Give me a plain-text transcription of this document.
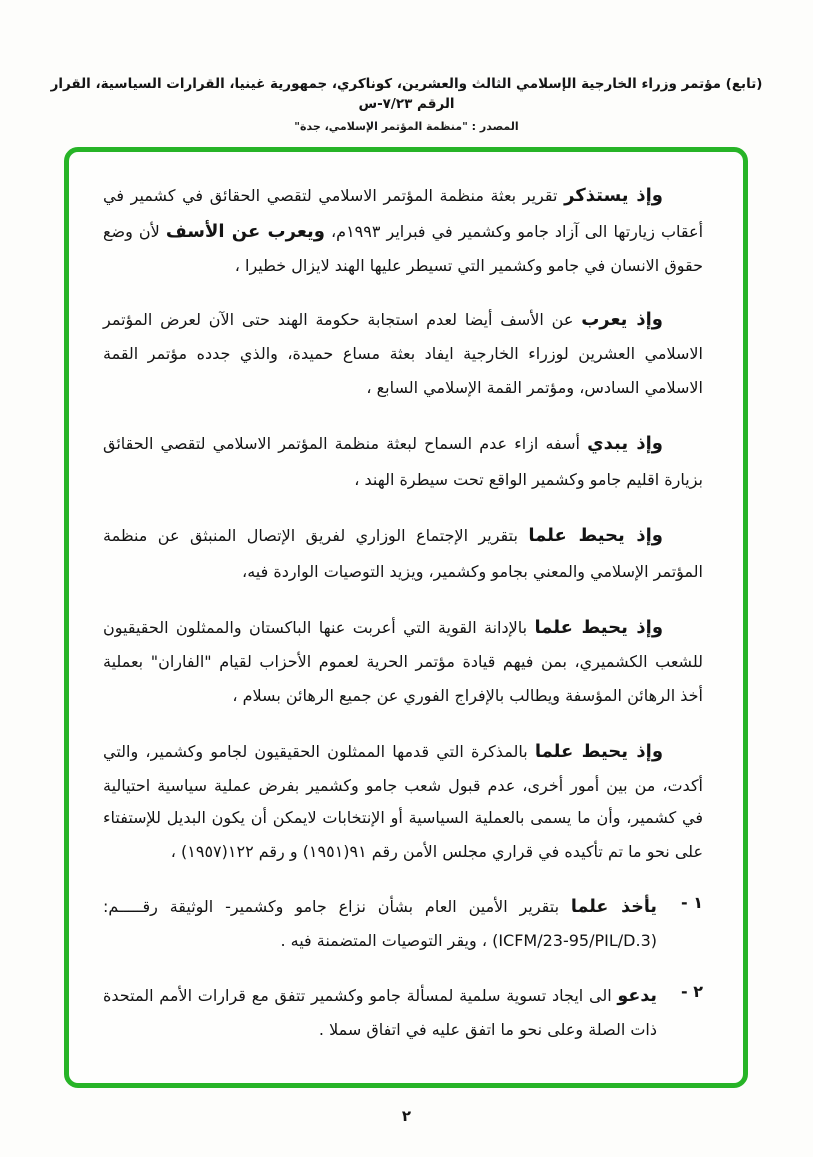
(تابع) مؤتمر وزراء الخارجية الإسلامي الثالث والعشرين، كوناكري، جمهورية غينيا، القرارات السياسية، القرار الرقم ٧/٢٣-س
المصدر : "منظمة المؤتمر الإسلامي، جدة"

وإذ يستذكر تقرير بعثة منظمة المؤتمر الاسلامي لتقصي الحقائق في كشمير في أعقاب زيارتها الى آزاد جامو وكشمير في فبراير ١٩٩٣م، ويعرب عن الأسف لأن وضع حقوق الانسان في جامو وكشمير التي تسيطر عليها الهند لايزال خطيرا ،

وإذ يعرب عن الأسف أيضا لعدم استجابة حكومة الهند حتى الآن لعرض المؤتمر الاسلامي العشرين لوزراء الخارجية ايفاد بعثة مساع حميدة، والذي جدده مؤتمر القمة الاسلامي السادس، ومؤتمر القمة الإسلامي السابع ،

وإذ يبدي أسفه ازاء عدم السماح لبعثة منظمة المؤتمر الاسلامي لتقصي الحقائق بزيارة اقليم جامو وكشمير الواقع تحت سيطرة الهند ،

وإذ يحيط علما بتقرير الإجتماع الوزاري لفريق الإتصال المنبثق عن منظمة المؤتمر الإسلامي والمعني بجامو وكشمير، ويزيد التوصيات الواردة فيه،

وإذ يحيط علما بالإدانة القوية التي أعربت عنها الباكستان والممثلون الحقيقيون للشعب الكشميري، بمن فيهم قيادة مؤتمر الحرية لعموم الأحزاب لقيام "الفاران" بعملية أخذ الرهائن المؤسفة ويطالب بالإفراج الفوري عن جميع الرهائن بسلام ،

وإذ يحيط علما بالمذكرة التي قدمها الممثلون الحقيقيون لجامو وكشمير، والتي أكدت، من بين أمور أخرى، عدم قبول شعب جامو وكشمير بفرض عملية سياسية احتيالية في كشمير، وأن ما يسمى بالعملية السياسية أو الإنتخابات لايمكن أن يكون البديل للإستفتاء على نحو ما تم تأكيده في قراري مجلس الأمن رقم ٩١(١٩٥١) و رقم ١٢٢(١٩٥٧) ،

١ -
يأخذ علما بتقرير الأمين العام بشأن نزاع جامو وكشمير- الوثيقة رقـــــم: (ICFM/23-95/PIL/D.3) ، ويقر التوصيات المتضمنة فيه .
٢ -
يدعو الى ايجاد تسوية سلمية لمسألة جامو وكشمير تتفق مع قرارات الأمم المتحدة ذات الصلة وعلى نحو ما اتفق عليه في اتفاق سملا .
٢
